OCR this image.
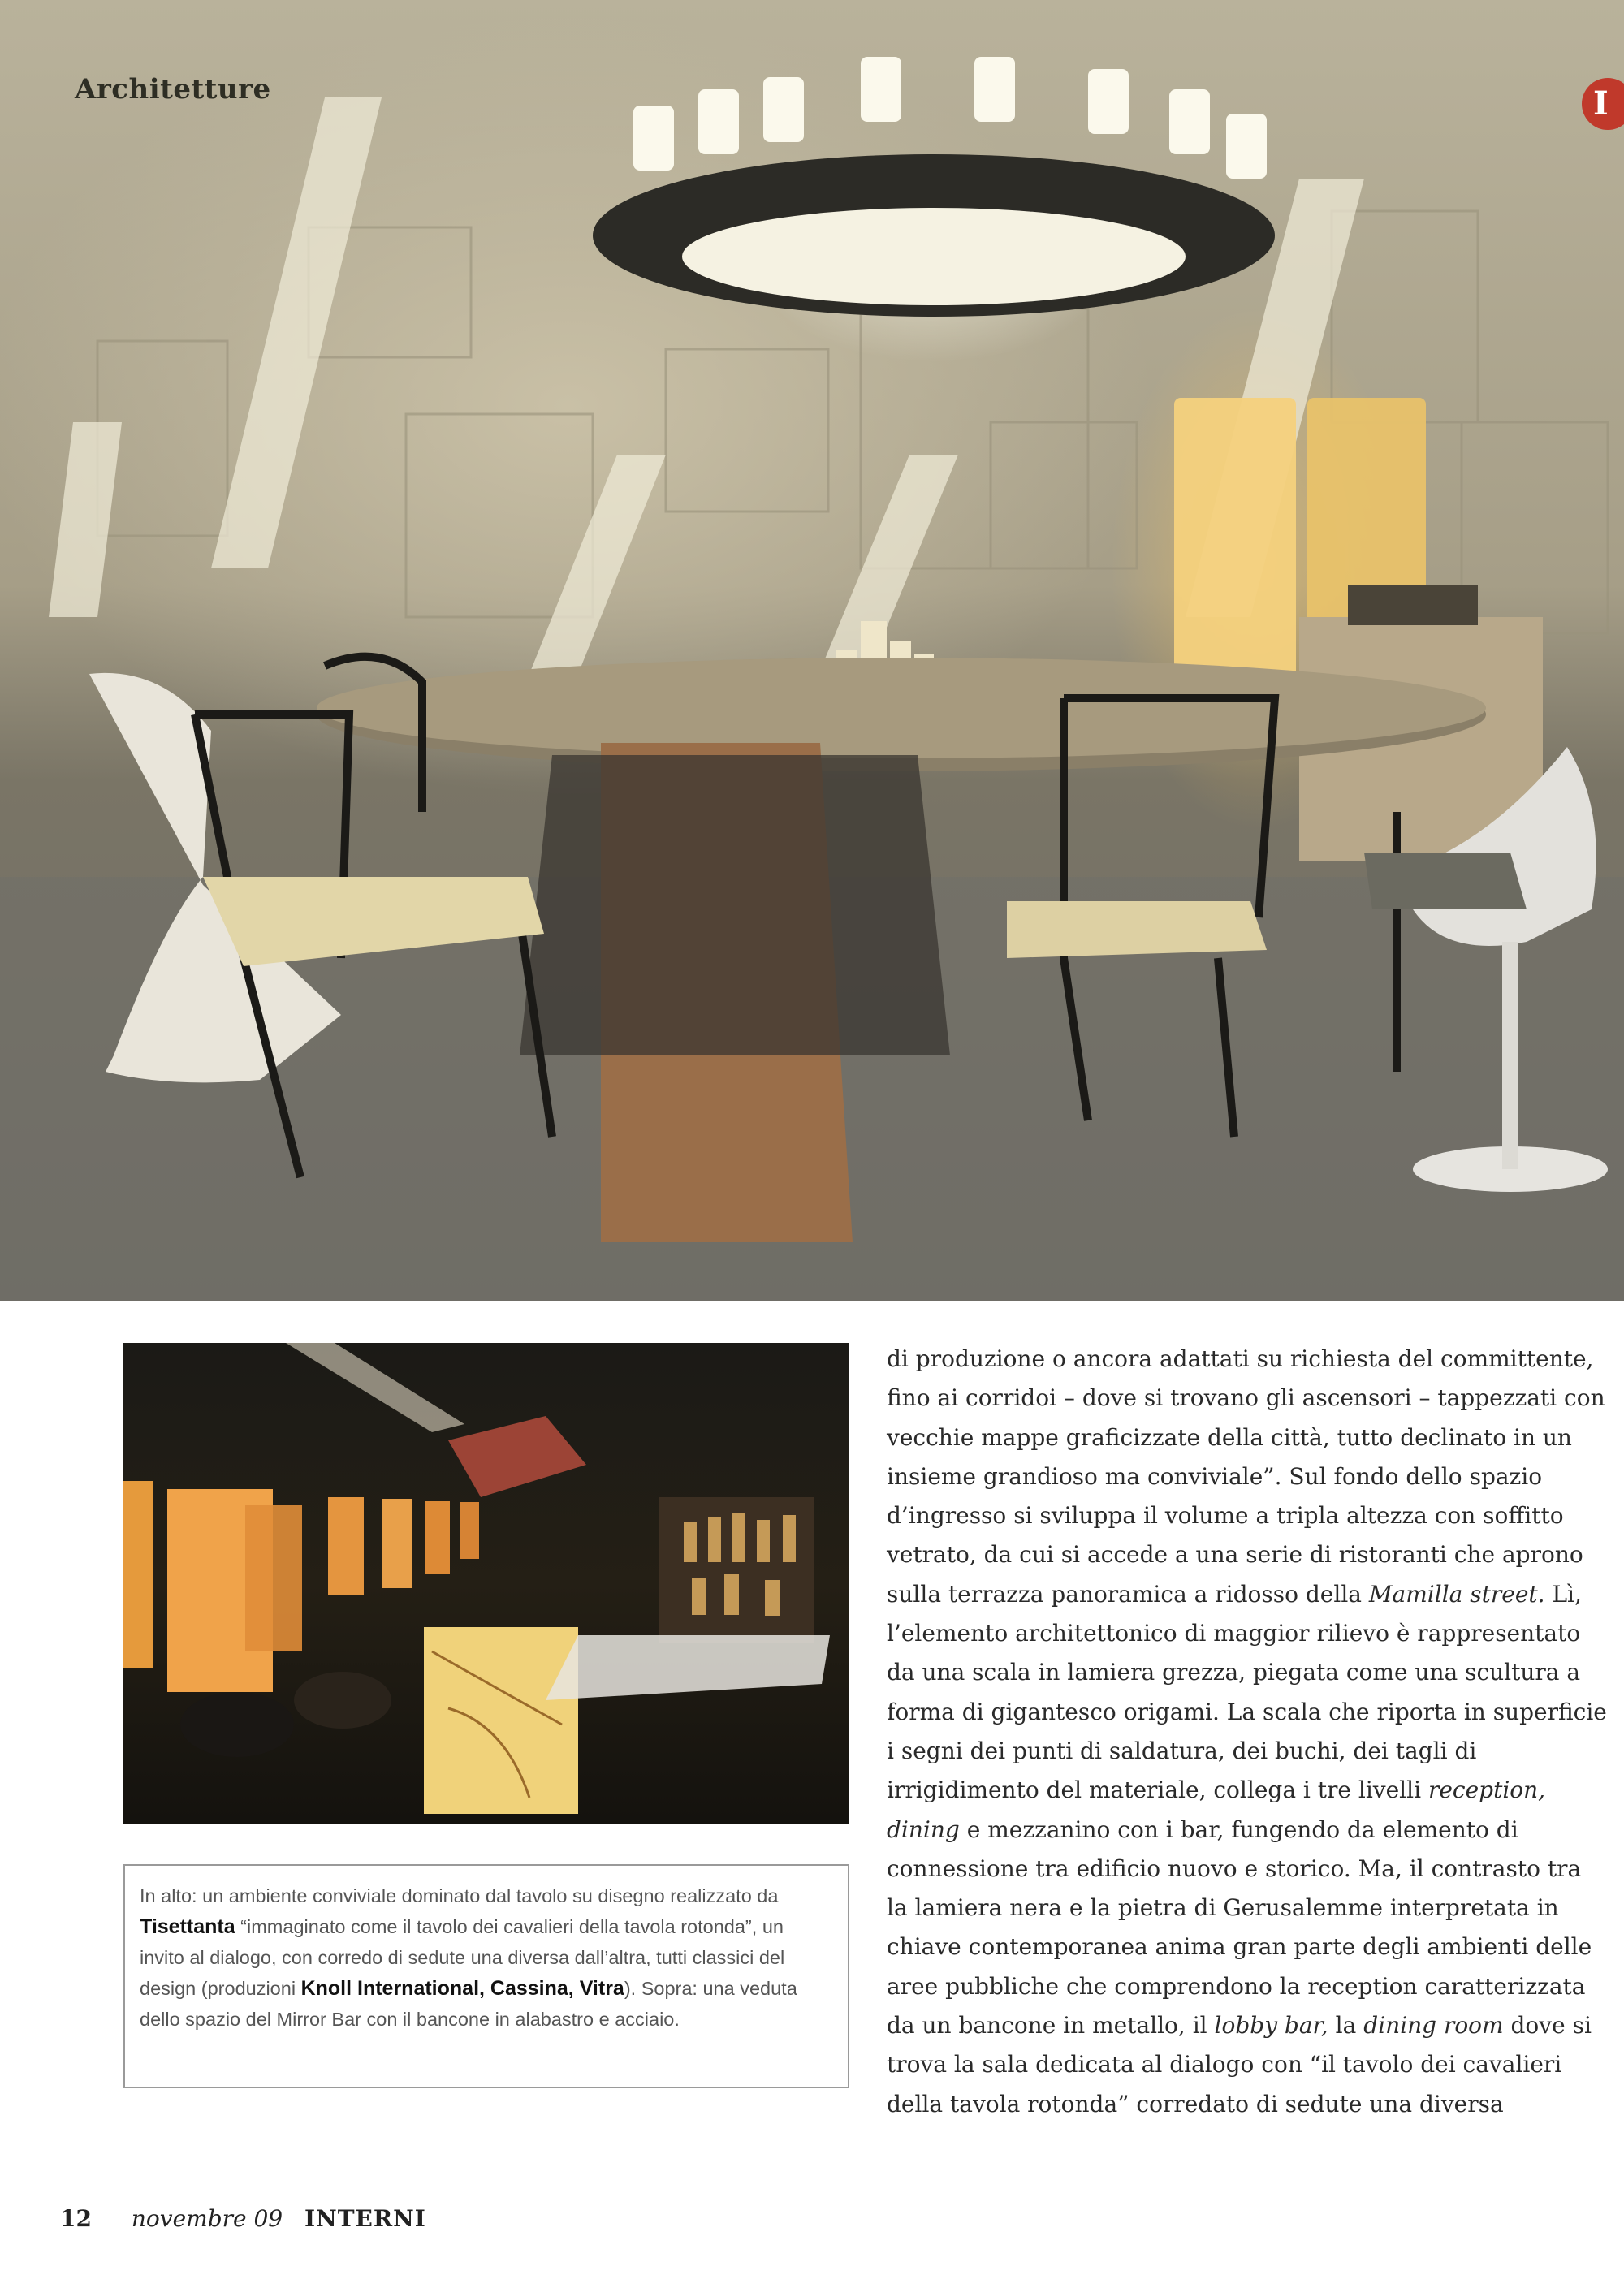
Architetture	I
In alto: un ambiente conviviale dominato dal tavolo su disegno realizzato da Tisettanta “immaginato come il tavolo dei cavalieri della tavola rotonda”, un invito al dialogo, con corredo di sedute una diversa dall’altra, tutti classici del design (produzioni Knoll International, Cassina, Vitra). Sopra: una veduta dello spazio del Mirror Bar con il bancone in alabastro e acciaio.

di produzione o ancora adattati su richiesta del committente,

fino ai corridoi – dove si trovano gli ascensori – tappezzati con

vecchie mappe graficizzate della città, tutto declinato in un

insieme grandioso ma conviviale”. Sul fondo dello spazio

d’ingresso si sviluppa il volume a tripla altezza con soffitto

vetrato, da cui si accede a una serie di ristoranti che aprono

sulla terrazza panoramica a ridosso della Mamilla street. Lì,

l’elemento architettonico di maggior rilievo è rappresentato

da una scala in lamiera grezza, piegata come una scultura a

forma di gigantesco origami. La scala che riporta in superficie

i segni dei punti di saldatura, dei buchi, dei tagli di

irrigidimento del materiale, collega i tre livelli reception,

dining e mezzanino con i bar, fungendo da elemento di

connessione tra edificio nuovo e storico. Ma, il contrasto tra

la lamiera nera e la pietra di Gerusalemme interpretata in

chiave contemporanea anima gran parte degli ambienti delle

aree pubbliche che comprendono la reception caratterizzata

da un bancone in metallo, il lobby bar, la dining room dove si

trova la sala dedicata al dialogo con “il tavolo dei cavalieri

della tavola rotonda” corredato di sedute una diversa

12 novembre 09 INTERNI
